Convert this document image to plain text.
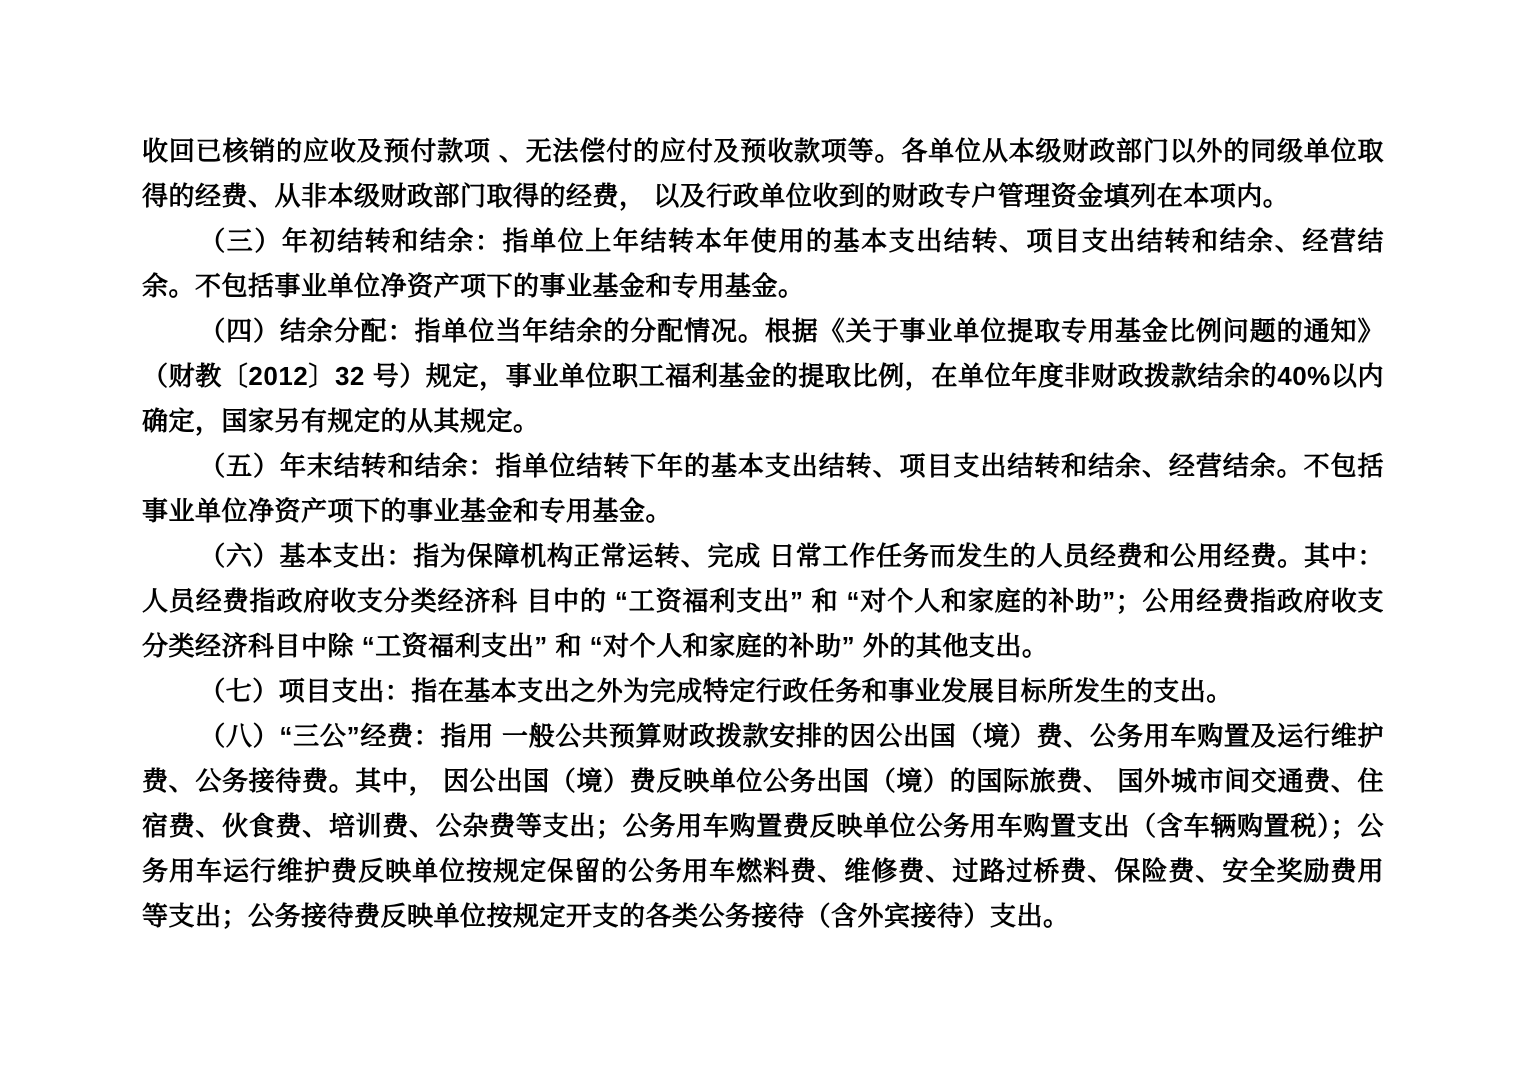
收回已核销的应收及预付款项 、无法偿付的应付及预收款项等。各单位从本级财政部门以外的同级单位取得的经费、从非本级财政部门取得的经费， 以及行政单位收到的财政专户管理资金填列在本项内。

（三）年初结转和结余：指单位上年结转本年使用的基本支出结转、项目支出结转和结余、经营结余。不包括事业单位净资产项下的事业基金和专用基金。

（四）结余分配：指单位当年结余的分配情况。根据《关于事业单位提取专用基金比例问题的通知》（财教〔2012〕32 号）规定，事业单位职工福利基金的提取比例，在单位年度非财政拨款结余的40%以内确定，国家另有规定的从其规定。

（五）年末结转和结余：指单位结转下年的基本支出结转、项目支出结转和结余、经营结余。不包括事业单位净资产项下的事业基金和专用基金。

（六）基本支出：指为保障机构正常运转、完成 日常工作任务而发生的人员经费和公用经费。其中：人员经费指政府收支分类经济科 目中的 “工资福利支出” 和 “对个人和家庭的补助”；公用经费指政府收支分类经济科目中除 “工资福利支出” 和 “对个人和家庭的补助” 外的其他支出。

（七）项目支出：指在基本支出之外为完成特定行政任务和事业发展目标所发生的支出。

（八）“三公”经费：指用 一般公共预算财政拨款安排的因公出国（境）费、公务用车购置及运行维护费、公务接待费。其中， 因公出国（境）费反映单位公务出国（境）的国际旅费、 国外城市间交通费、住宿费、伙食费、培训费、公杂费等支出；公务用车购置费反映单位公务用车购置支出（含车辆购置税）；公务用车运行维护费反映单位按规定保留的公务用车燃料费、维修费、过路过桥费、保险费、安全奖励费用等支出；公务接待费反映单位按规定开支的各类公务接待（含外宾接待）支出。
